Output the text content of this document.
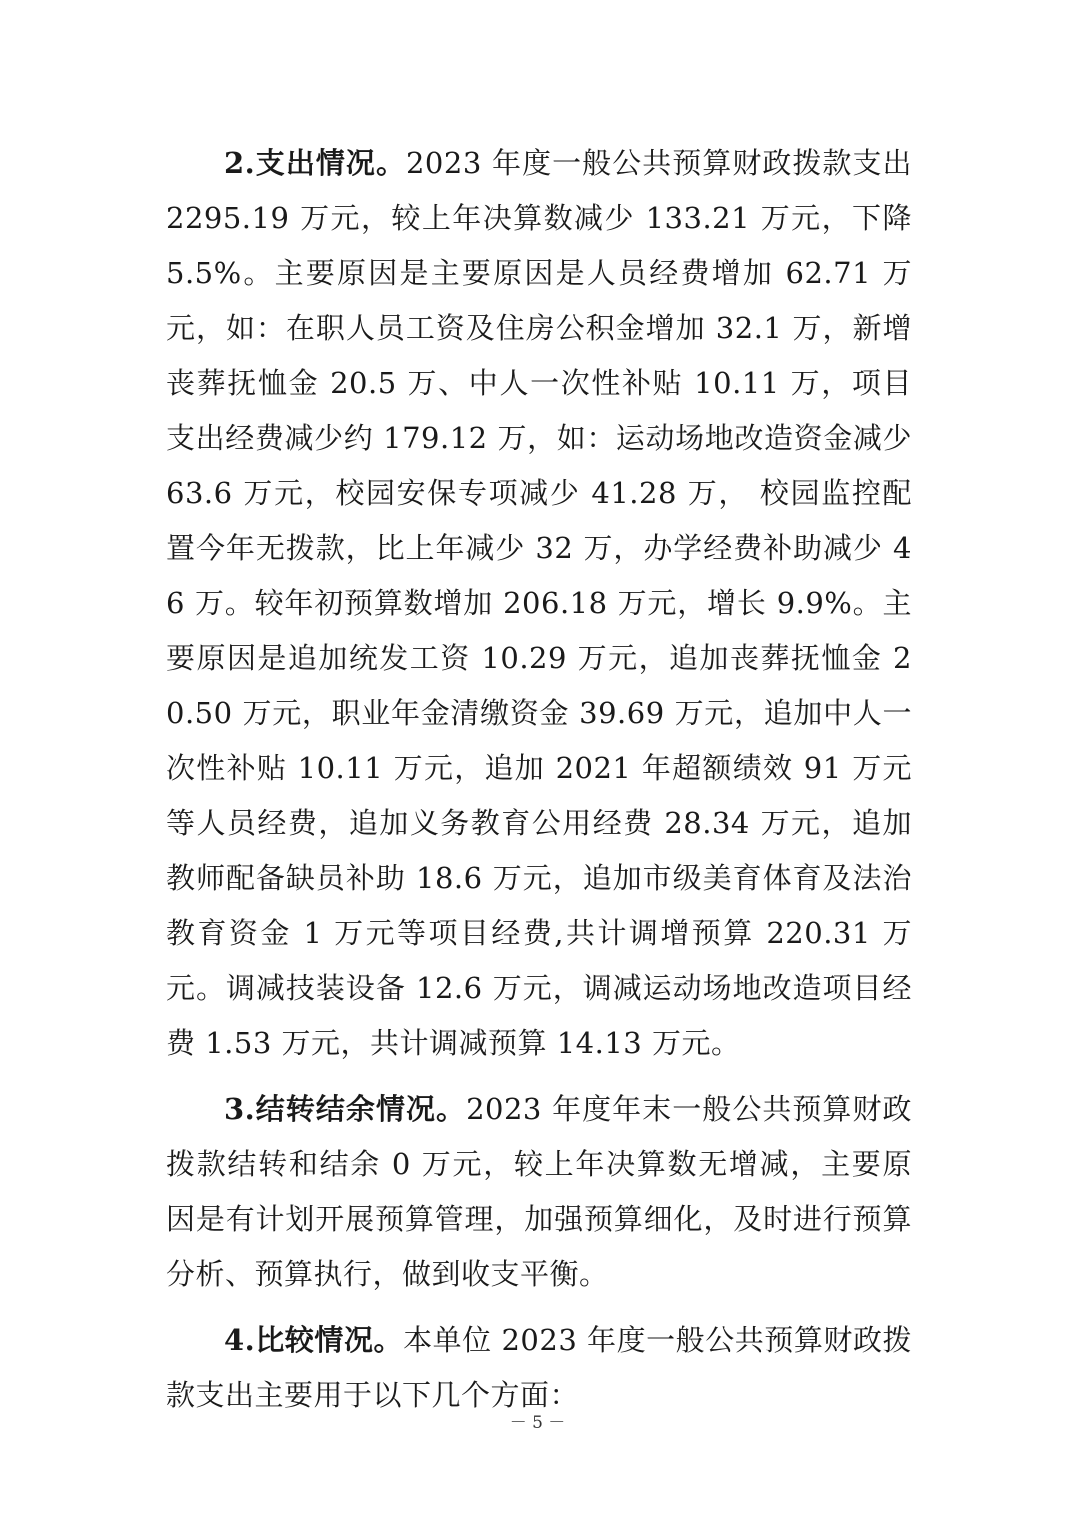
2.支出情况。2023 年度一般公共预算财政拨款支出 2295.19 万元，较上年决算数减少 133.21 万元，下降 5.5%。主要原因是主要原因是人员经费增加 62.71 万元，如：在职人员工资及住房公积金增加 32.1 万，新增丧葬抚恤金 20.5 万、中人一次性补贴 10.11 万，项目支出经费减少约 179.12 万，如：运动场地改造资金减少 63.6 万元，校园安保专项减少 41.28 万， 校园监控配置今年无拨款，比上年减少 32 万，办学经费补助减少 46 万。较年初预算数增加 206.18 万元，增长 9.9%。主要原因是追加统发工资 10.29 万元，追加丧葬抚恤金 20.50 万元，职业年金清缴资金 39.69 万元，追加中人一次性补贴 10.11 万元，追加 2021 年超额绩效 91 万元等人员经费，追加义务教育公用经费 28.34 万元，追加教师配备缺员补助 18.6 万元，追加市级美育体育及法治教育资金 1 万元等项目经费,共计调增预算 220.31 万元。调减技装设备 12.6 万元，调减运动场地改造项目经费 1.53 万元，共计调减预算 14.13 万元。

3.结转结余情况。2023 年度年末一般公共预算财政拨款结转和结余 0 万元，较上年决算数无增减，主要原因是有计划开展预算管理，加强预算细化，及时进行预算分析、预算执行，做到收支平衡。

4.比较情况。本单位 2023 年度一般公共预算财政拨款支出主要用于以下几个方面：

－ 5 －
